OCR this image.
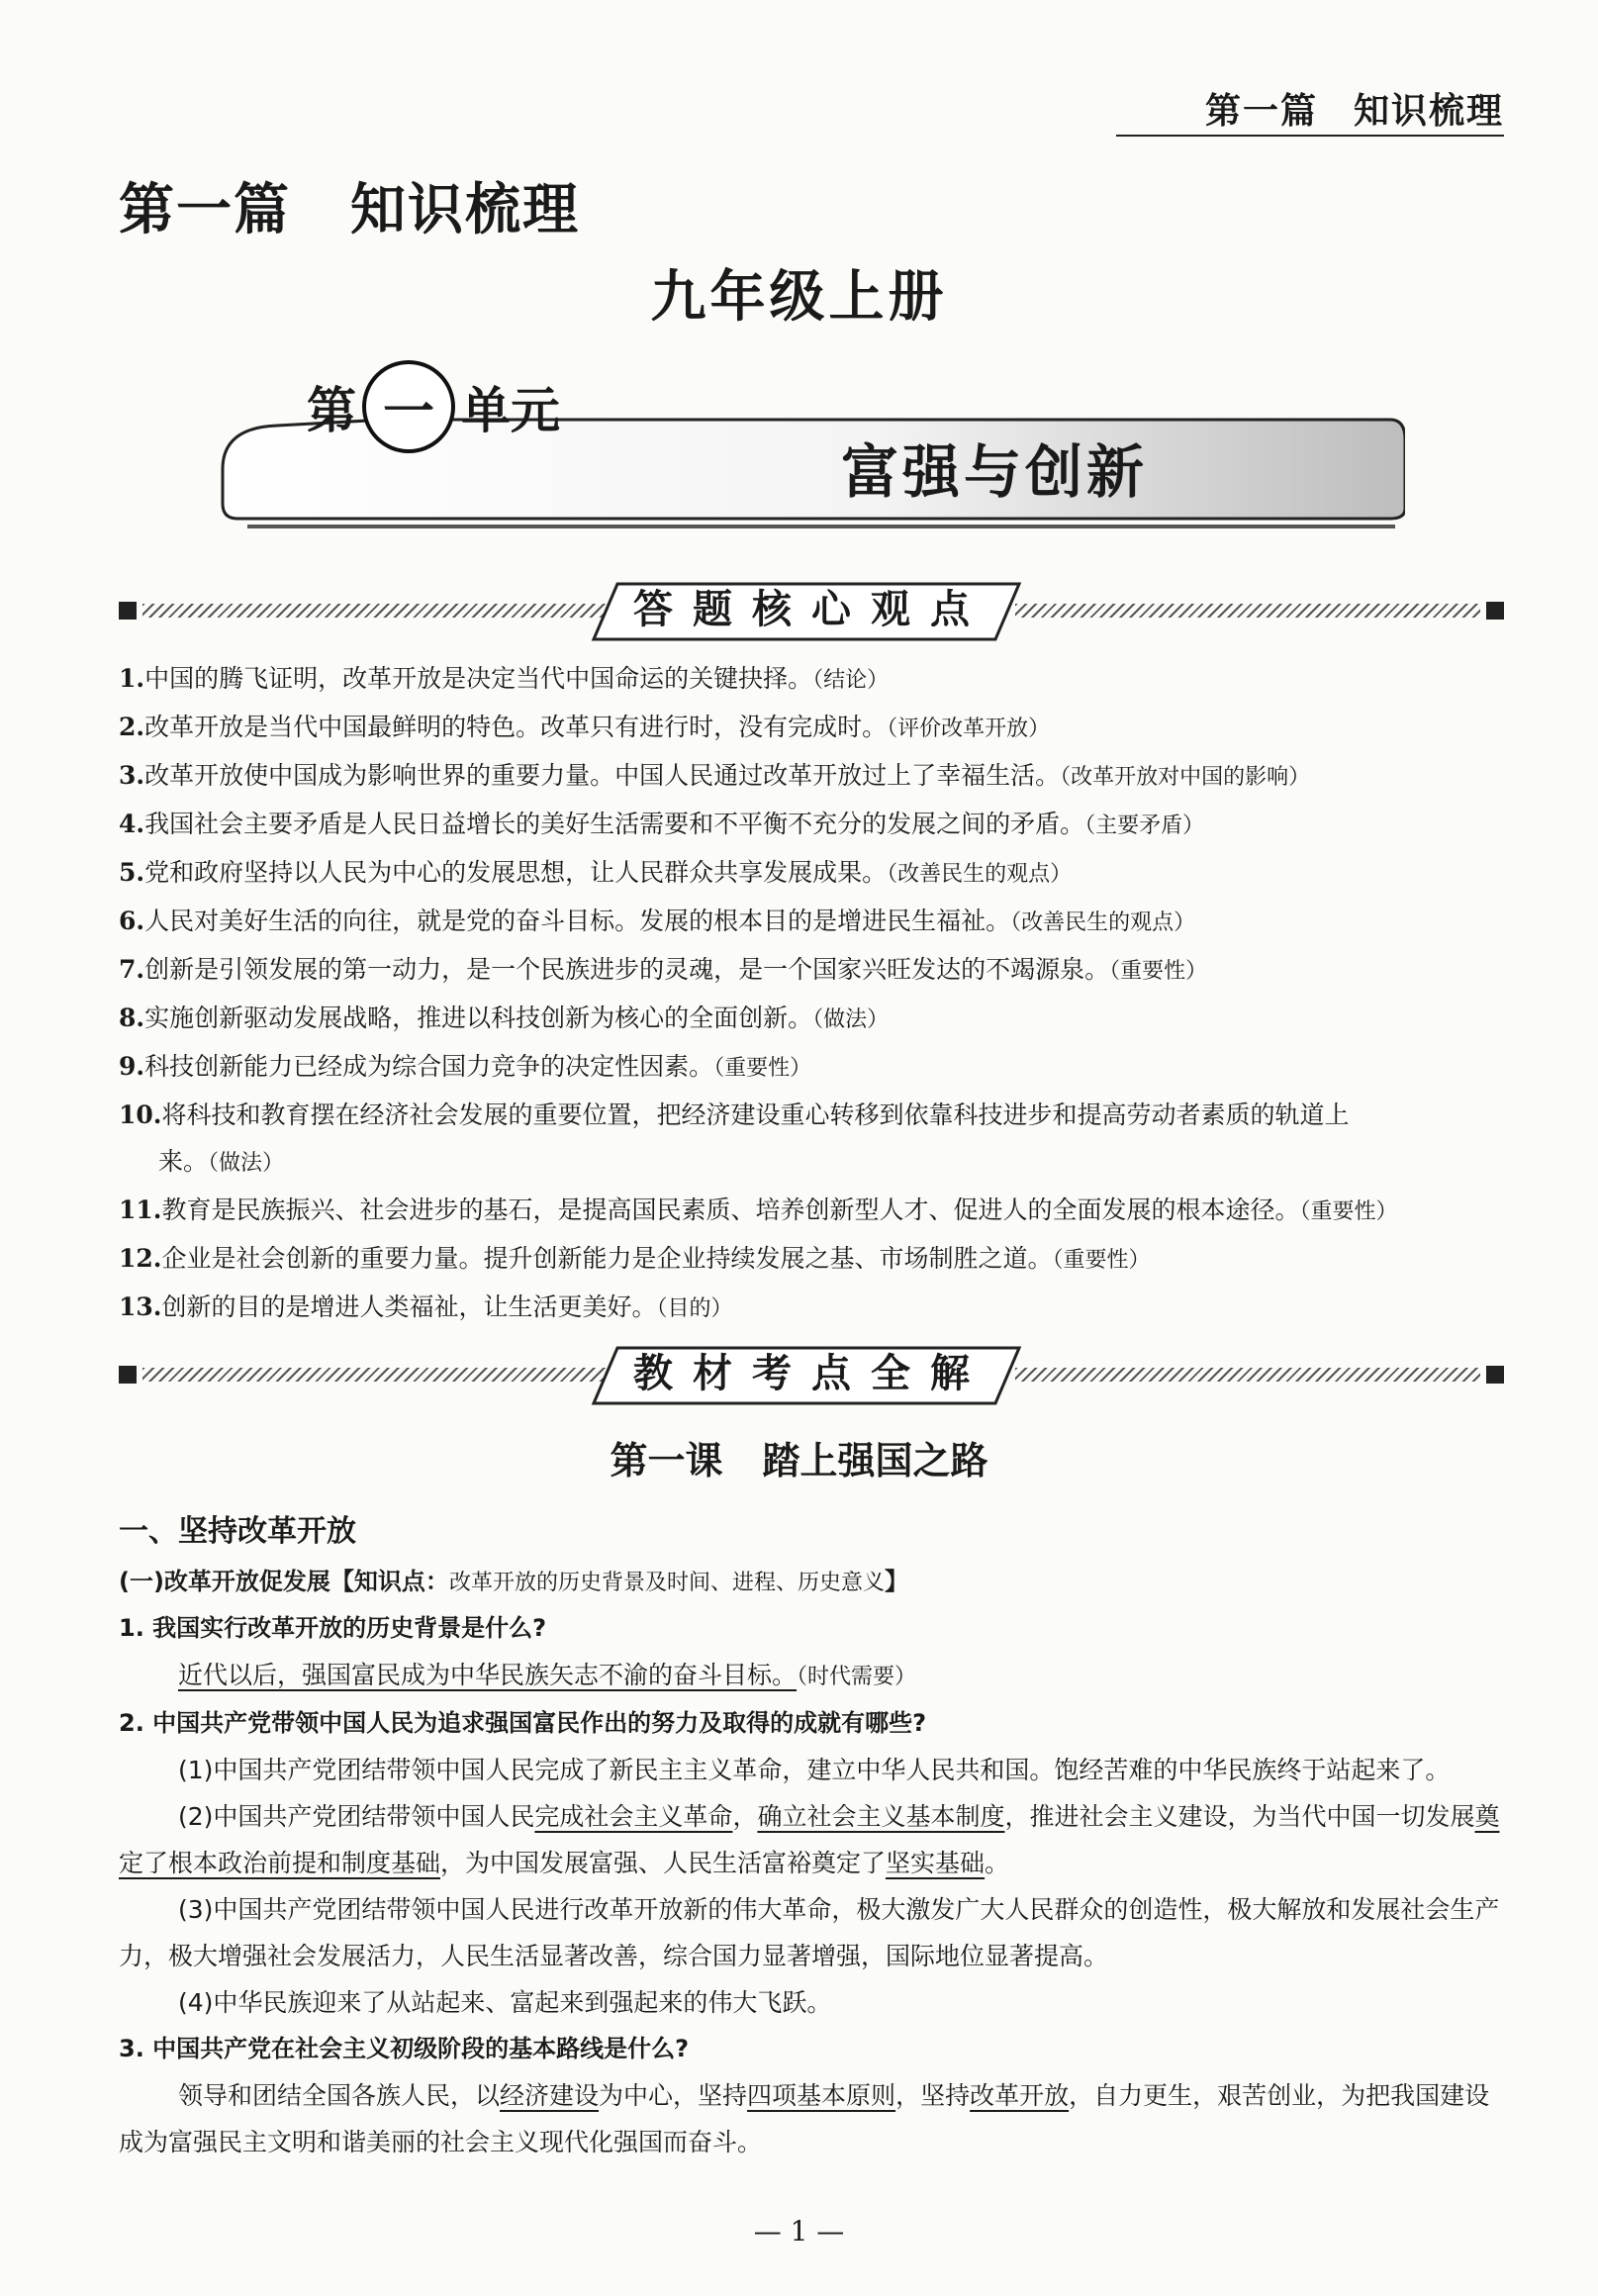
第一篇 知识梳理
第一篇 知识梳理
九年级上册
第 一 单元
富强与创新
答题核心观点
1.中国的腾飞证明，改革开放是决定当代中国命运的关键抉择。（结论）
2.改革开放是当代中国最鲜明的特色。改革只有进行时，没有完成时。（评价改革开放）
3.改革开放使中国成为影响世界的重要力量。中国人民通过改革开放过上了幸福生活。（改革开放对中国的影响）
4.我国社会主要矛盾是人民日益增长的美好生活需要和不平衡不充分的发展之间的矛盾。（主要矛盾）
5.党和政府坚持以人民为中心的发展思想，让人民群众共享发展成果。（改善民生的观点）
6.人民对美好生活的向往，就是党的奋斗目标。发展的根本目的是增进民生福祉。（改善民生的观点）
7.创新是引领发展的第一动力，是一个民族进步的灵魂，是一个国家兴旺发达的不竭源泉。（重要性）
8.实施创新驱动发展战略，推进以科技创新为核心的全面创新。（做法）
9.科技创新能力已经成为综合国力竞争的决定性因素。（重要性）
10.将科技和教育摆在经济社会发展的重要位置，把经济建设重心转移到依靠科技进步和提高劳动者素质的轨道上
来。（做法）
11.教育是民族振兴、社会进步的基石，是提高国民素质、培养创新型人才、促进人的全面发展的根本途径。（重要性）
12.企业是社会创新的重要力量。提升创新能力是企业持续发展之基、市场制胜之道。（重要性）
13.创新的目的是增进人类福祉，让生活更美好。（目的）
教材考点全解
第一课 踏上强国之路
一、坚持改革开放
(一)改革开放促发展【知识点：改革开放的历史背景及时间、进程、历史意义】
1. 我国实行改革开放的历史背景是什么?
近代以后，强国富民成为中华民族矢志不渝的奋斗目标。（时代需要）
2. 中国共产党带领中国人民为追求强国富民作出的努力及取得的成就有哪些?
(1)中国共产党团结带领中国人民完成了新民主主义革命，建立中华人民共和国。饱经苦难的中华民族终于站起来了。
(2)中国共产党团结带领中国人民完成社会主义革命，确立社会主义基本制度，推进社会主义建设，为当代中国一切发展奠定了根本政治前提和制度基础，为中国发展富强、人民生活富裕奠定了坚实基础。
(3)中国共产党团结带领中国人民进行改革开放新的伟大革命，极大激发广大人民群众的创造性，极大解放和发展社会生产力，极大增强社会发展活力，人民生活显著改善，综合国力显著增强，国际地位显著提高。
(4)中华民族迎来了从站起来、富起来到强起来的伟大飞跃。
3. 中国共产党在社会主义初级阶段的基本路线是什么?
领导和团结全国各族人民，以经济建设为中心，坚持四项基本原则，坚持改革开放，自力更生，艰苦创业，为把我国建设成为富强民主文明和谐美丽的社会主义现代化强国而奋斗。
— 1 —
